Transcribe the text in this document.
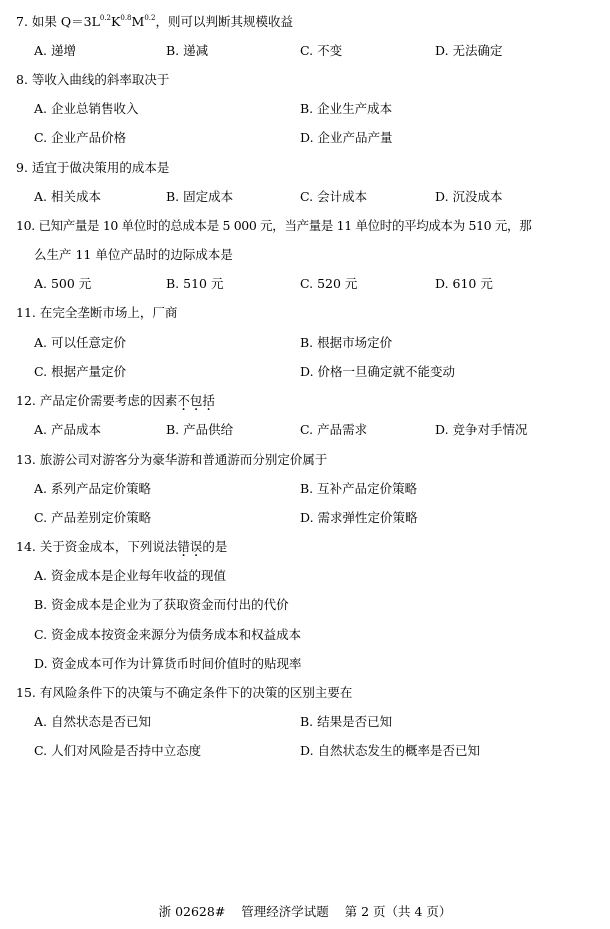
7. 如果 $Q=3L^{0.2}K^{0.8}M^{0.2}$，则可以判断其规模收益
A. 递增	B. 递减	C. 不变	D. 无法确定
8. 等收入曲线的斜率取决于
A. 企业总销售收入	B. 企业生产成本
C. 企业产品价格	D. 企业产品产量
9. 适宜于做决策用的成本是
A. 相关成本	B. 固定成本	C. 会计成本	D. 沉没成本
10. 已知产量是 10 单位时的总成本是 5 000 元，当产量是 11 单位时的平均成本为 510 元，那
么生产 11 单位产品时的边际成本是
A. 500 元	B. 510 元	C. 520 元	D. 610 元
11. 在完全垄断市场上，厂商
A. 可以任意定价	B. 根据市场定价
C. 根据产量定价	D. 价格一旦确定就不能变动
12. 产品定价需要考虑的因素不包括
A. 产品成本	B. 产品供给	C. 产品需求	D. 竞争对手情况
13. 旅游公司对游客分为豪华游和普通游而分别定价属于
A. 系列产品定价策略	B. 互补产品定价策略
C. 产品差别定价策略	D. 需求弹性定价策略
14. 关于资金成本，下列说法错误的是
A. 资金成本是企业每年收益的现值
B. 资金成本是企业为了获取资金而付出的代价
C. 资金成本按资金来源分为债务成本和权益成本
D. 资金成本可作为计算货币时间价值时的贴现率
15. 有风险条件下的决策与不确定条件下的决策的区别主要在
A. 自然状态是否已知	B. 结果是否已知
C. 人们对风险是否持中立态度	D. 自然状态发生的概率是否已知
浙 02628#    管理经济学试题    第 2 页（共 4 页）
